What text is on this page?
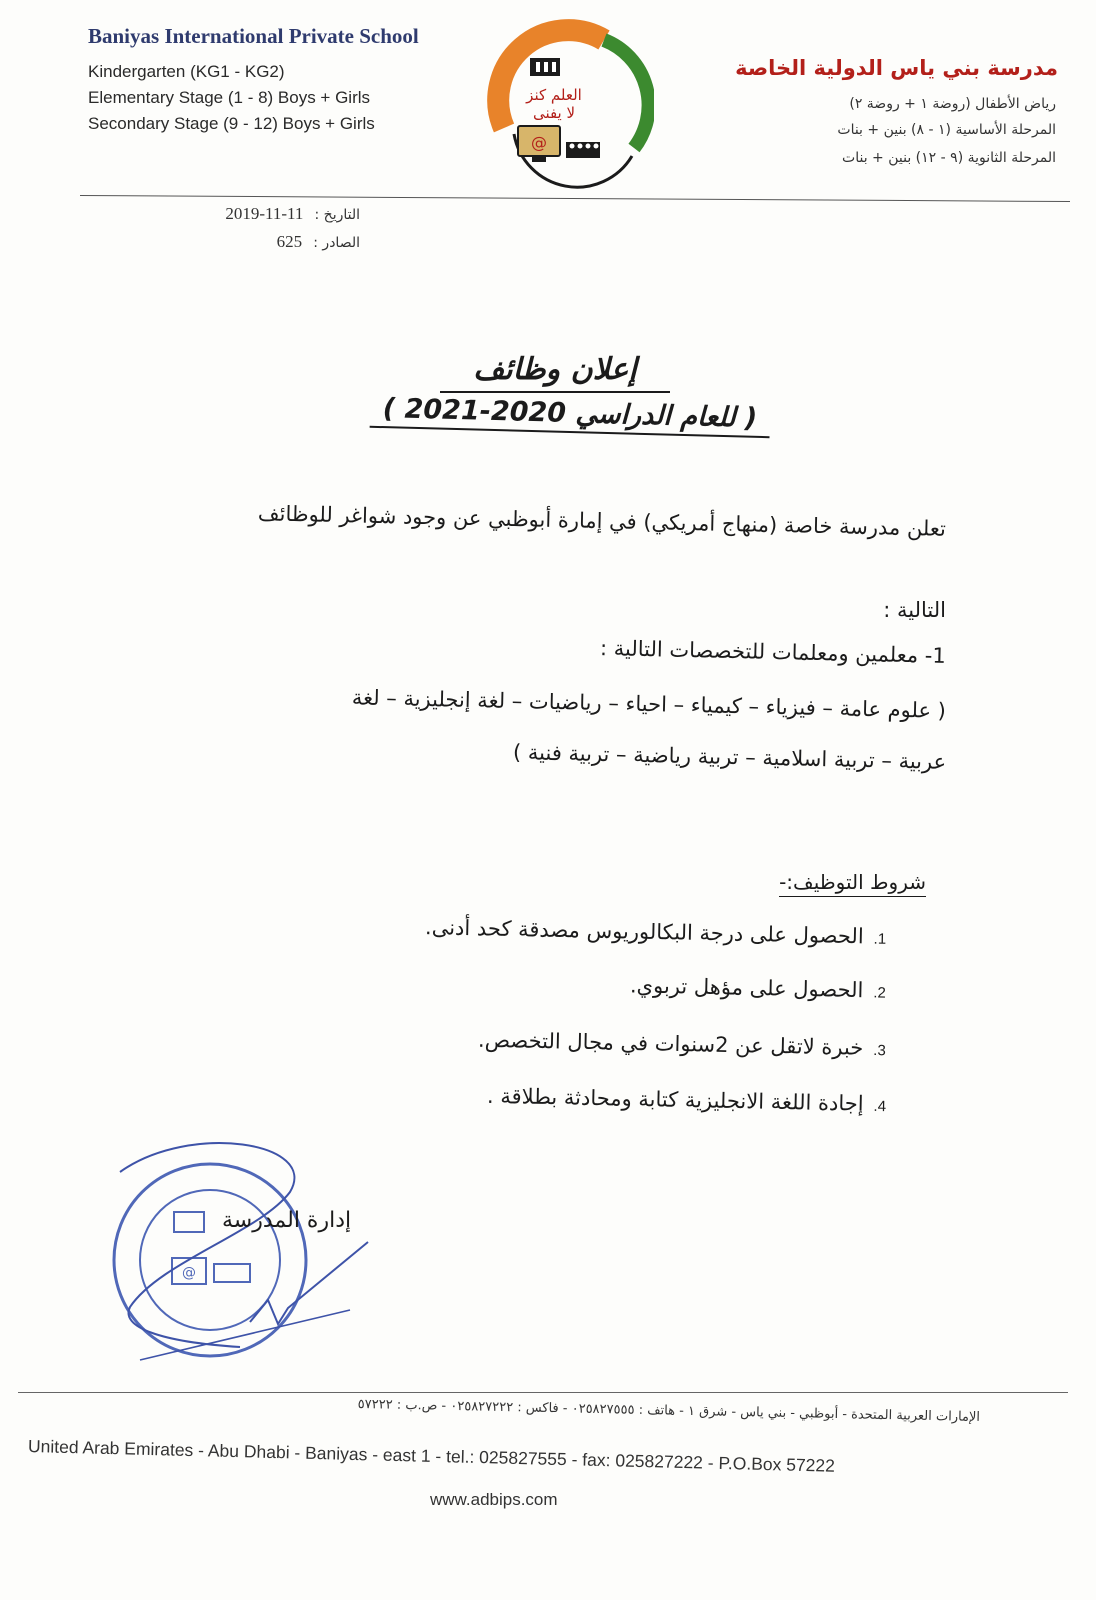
Baniyas International Private School
Kindergarten (KG1 - KG2)
Elementary Stage (1 - 8) Boys + Girls
Secondary Stage (9 - 12) Boys + Girls
العلم كنز
لا يفنى
@
مدرسة بني ياس الدولية الخاصة
رياض الأطفال (روضة ١ + روضة ٢)
المرحلة الأساسية (١ - ٨) بنين + بنات
المرحلة الثانوية (٩ - ١٢) بنين + بنات
التاريخ : 2019-11-11
الصادر : 625
إعلان وظائف
( للعام الدراسي 2020-2021 )
تعلن مدرسة خاصة (منهاج أمريكي) في إمارة أبوظبي عن وجود شواغر للوظائف
التالية :
1- معلمين ومعلمات للتخصصات التالية :
( علوم عامة – فيزياء – كيمياء – احياء – رياضيات – لغة إنجليزية – لغة
عربية – تربية اسلامية – تربية رياضية – تربية فنية )
شروط التوظيف:-
1.الحصول على درجة البكالوريوس مصدقة كحد أدنى.
2.الحصول على مؤهل تربوي.
3.خبرة لاتقل عن 2سنوات في مجال التخصص.
4.إجادة اللغة الانجليزية كتابة ومحادثة بطلاقة .
@
إدارة المدرسة
الإمارات العربية المتحدة - أبوظبي - بني ياس - شرق ١ - هاتف : ٠٢٥٨٢٧٥٥٥ - فاكس : ٠٢٥٨٢٧٢٢٢ - ص.ب : ٥٧٢٢٢
United Arab Emirates - Abu Dhabi - Baniyas - east 1 - tel.: 025827555 - fax: 025827222 - P.O.Box 57222
www.adbips.com
